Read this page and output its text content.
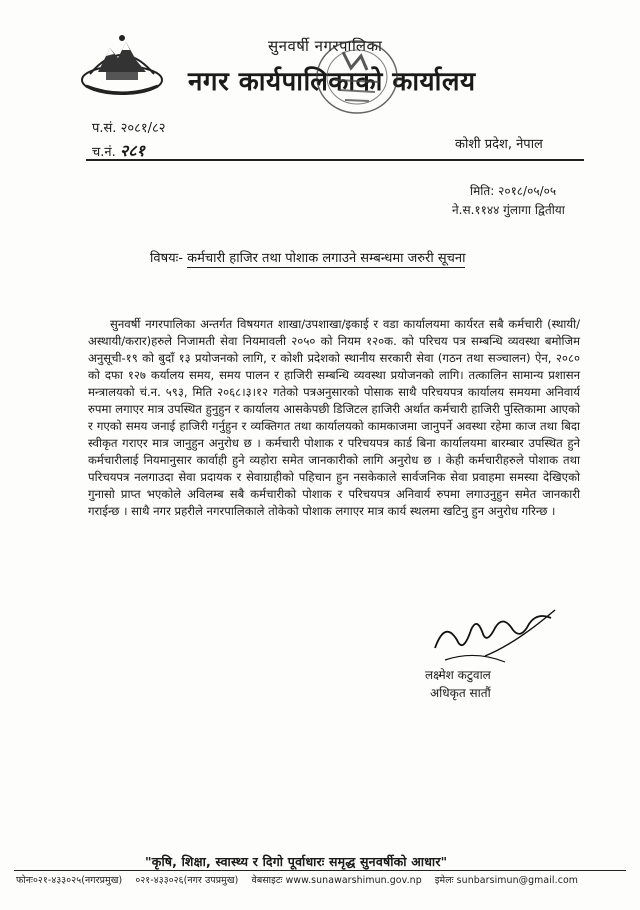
सुनवर्षी नगरपालिका
नगर कार्यपालिकाको कार्यालय
प.सं. २०८१/८२
च.नं. २८१	कोशी प्रदेश, नेपाल
मिति: २०१८/०५/०५
ने.स.११४४ गुंलागा द्वितीया
विषयः- कर्मचारी हाजिर तथा पोशाक लगाउने सम्बन्धमा जरुरी सूचना
सुनवर्षी नगरपालिका अन्तर्गत विषयगत शाखा/उपशाखा/इकाई र वडा कार्यालयमा कार्यरत सबै कर्मचारी (स्थायी/अस्थायी/करार)हरुले निजामती सेवा नियमावली २०५० को नियम १२०क. को परिचय पत्र सम्बन्धि व्यवस्था बमोजिम अनुसूची-१९ को बुदाँ १३ प्रयोजनको लागि, र कोशी प्रदेशको स्थानीय सरकारी सेवा (गठन तथा सञ्चालन) ऐन, २०८० को दफा १२७ कर्यालय समय, समय पालन र हाजिरी सम्बन्धि व्यवस्था प्रयोजनको लागि। तत्कालिन सामान्य प्रशासन मन्त्रालयको चं.न. ५९३, मिति २०६८।३।१२ गतेको पत्रअनुसारको पोसाक साथै परिचयपत्र कार्यालय समयमा अनिवार्य रुपमा लगाएर मात्र उपस्थित हुनुहुन र कार्यालय आसकेपछी डिजिटल हाजिरी अर्थात कर्मचारी हाजिरी पुस्तिकामा आएको र गएको समय जनाई हाजिरी गर्नुहुन र व्यक्तिगत तथा कार्यालयको कामकाजमा जानुपर्ने अवस्था रहेमा काज तथा बिदा स्वीकृत गराएर मात्र जानुहुन अनुरोध छ । कर्मचारी पोशाक र परिचयपत्र कार्ड बिना कार्यालयमा बारम्बार उपस्थित हुने कर्मचारीलाई नियमानुसार कार्वाही हुने व्यहोरा समेत जानकारीको लागि अनुरोध छ । केही कर्मचारीहरुले पोशाक तथा परिचयपत्र नलगाउदा सेवा प्रदायक र सेवाग्राहीको पहिचान हुन नसकेकाले सार्वजनिक सेवा प्रवाहमा समस्या देखिएको गुनासो प्राप्त भएकोले अविलम्ब सबै कर्मचारीको पोशाक र परिचयपत्र अनिवार्य रुपमा लगाउनुहुन समेत जानकारी गराईन्छ । साथै नगर प्रहरीले नगरपालिकाले तोकेको पोशाक लगाएर मात्र कार्य स्थलमा खटिनु हुन अनुरोध गरिन्छ ।
लक्ष्मेश कटुवाल
अधिकृत सातौं
"कृषि, शिक्षा, स्वास्थ्य र दिगो पूर्वाधारः समृद्ध सुनवर्षीको आधार"
फोनः०२१-४३३०२५(नगरप्रमुख) ०२१-४३३०२६(नगर उपप्रमुख) वेबसाइटः www.sunawarshimun.gov.np इमेलः sunbarsimun@gmail.com
